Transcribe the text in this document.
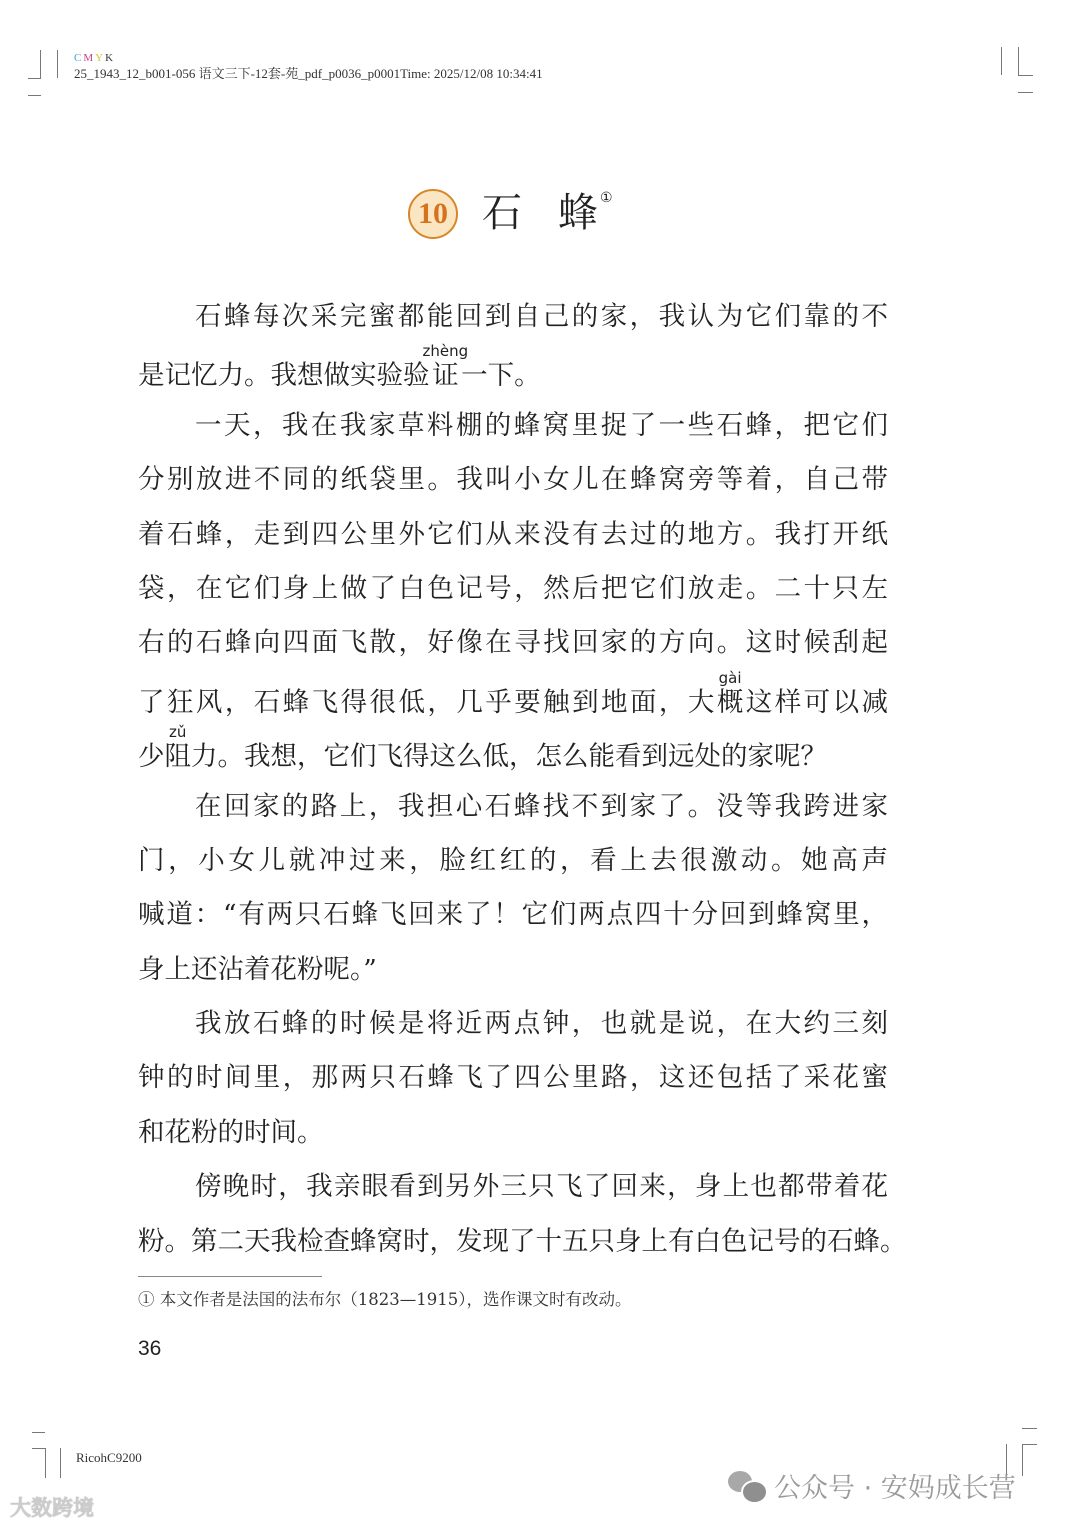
CMYK
25_1943_12_b001-056 语文三下-12套-苑_pdf_p0036_p0001Time: 2025/12/08 10:34:41
10 石 蜂 ①
石蜂每次采完蜜都能回到自己的家，我认为它们靠的不
是记忆力。我想做实验验证zhèng一下。
一天，我在我家草料棚的蜂窝里捉了一些石蜂，把它们
分别放进不同的纸袋里。我叫小女儿在蜂窝旁等着，自己带
着石蜂，走到四公里外它们从来没有去过的地方。我打开纸
袋，在它们身上做了白色记号，然后把它们放走。二十只左
右的石蜂向四面飞散，好像在寻找回家的方向。这时候刮起
了狂风，石蜂飞得很低，几乎要触到地面，大概gài这样可以减
少阻zǔ力。我想，它们飞得这么低，怎么能看到远处的家呢？
在回家的路上，我担心石蜂找不到家了。没等我跨进家
门，小女儿就冲过来，脸红红的，看上去很激动。她高声
喊道：“有两只石蜂飞回来了！它们两点四十分回到蜂窝里，
身上还沾着花粉呢。”
我放石蜂的时候是将近两点钟，也就是说，在大约三刻
钟的时间里，那两只石蜂飞了四公里路，这还包括了采花蜜
和花粉的时间。
傍晚时，我亲眼看到另外三只飞了回来，身上也都带着花
粉。第二天我检查蜂窝时，发现了十五只身上有白色记号的石蜂。
① 本文作者是法国的法布尔（1823—1915），选作课文时有改动。
36
RicohC9200
公众号 · 安妈成长营
大数跨境
